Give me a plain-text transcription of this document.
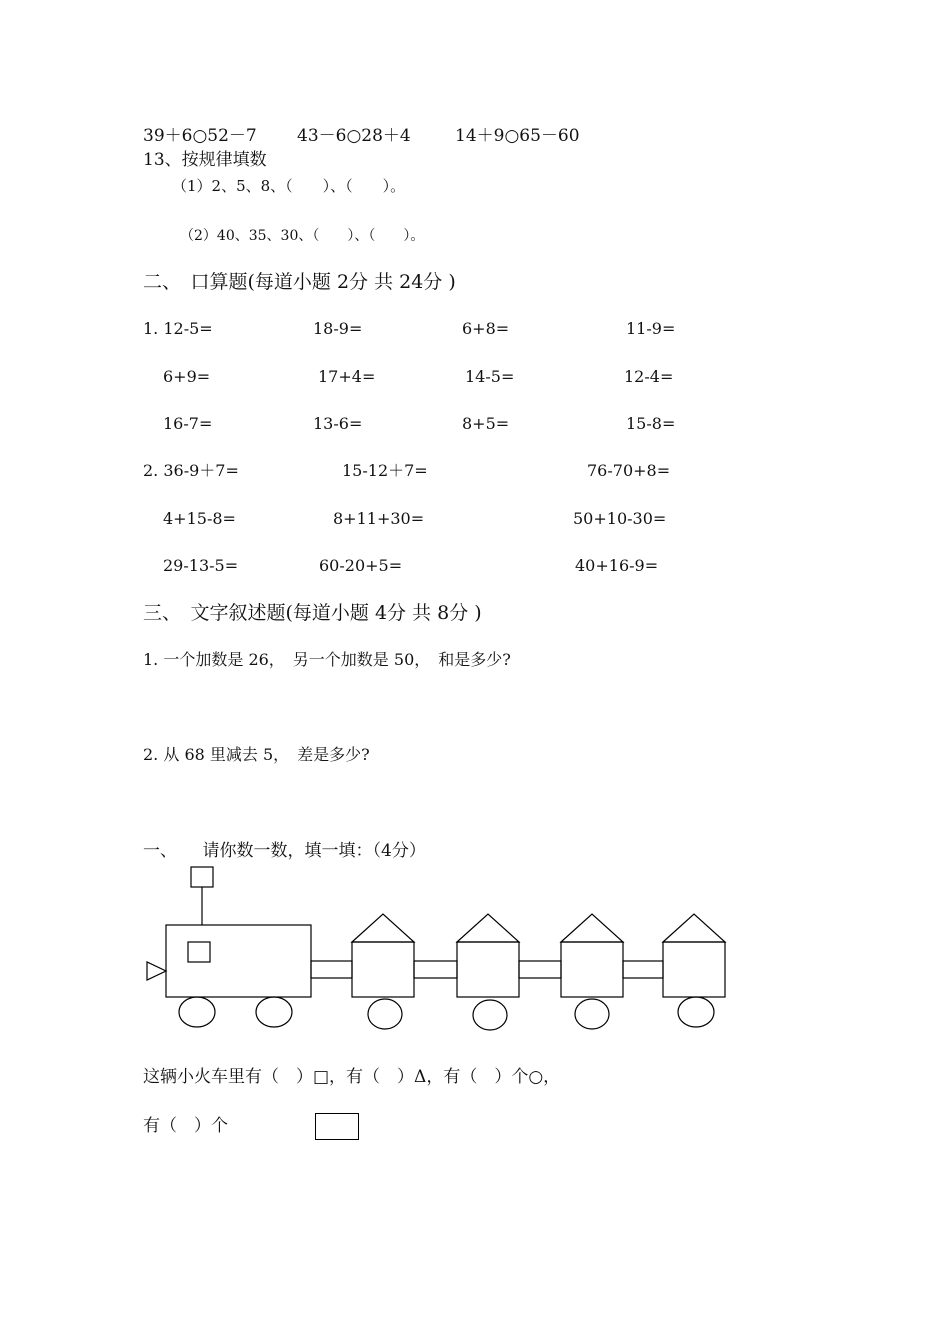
39＋6○52－7 43－6○28＋4	14＋9○65－60
13、按规律填数
（1）2、5、8、（　　）、（　　）。
（2）40、35、30、（　　）、（　　）。
二、　口算题(每道小题 2分 共 24分 )
1. 12-5=	18-9=	6+8=	11-9=
6+9=	17+4=	14-5=	12-4=
16-7=	13-6=	8+5=	15-8=
2. 36-9＋7=	15-12＋7=	76-70+8=
4+15-8=	8+11+30=	50+10-30=
29-13-5=	60-20+5=	40+16-9=
三、　文字叙述题(每道小题 4分 共 8分 )
1. 一个加数是 26，　另一个加数是 50，　和是多少?
2. 从 68 里减去 5，　差是多少?
一、　　请你数一数，填一填：（4分）
这辆小火车里有（　）□，有（　）Δ，有（　）个○，
有（　）个
